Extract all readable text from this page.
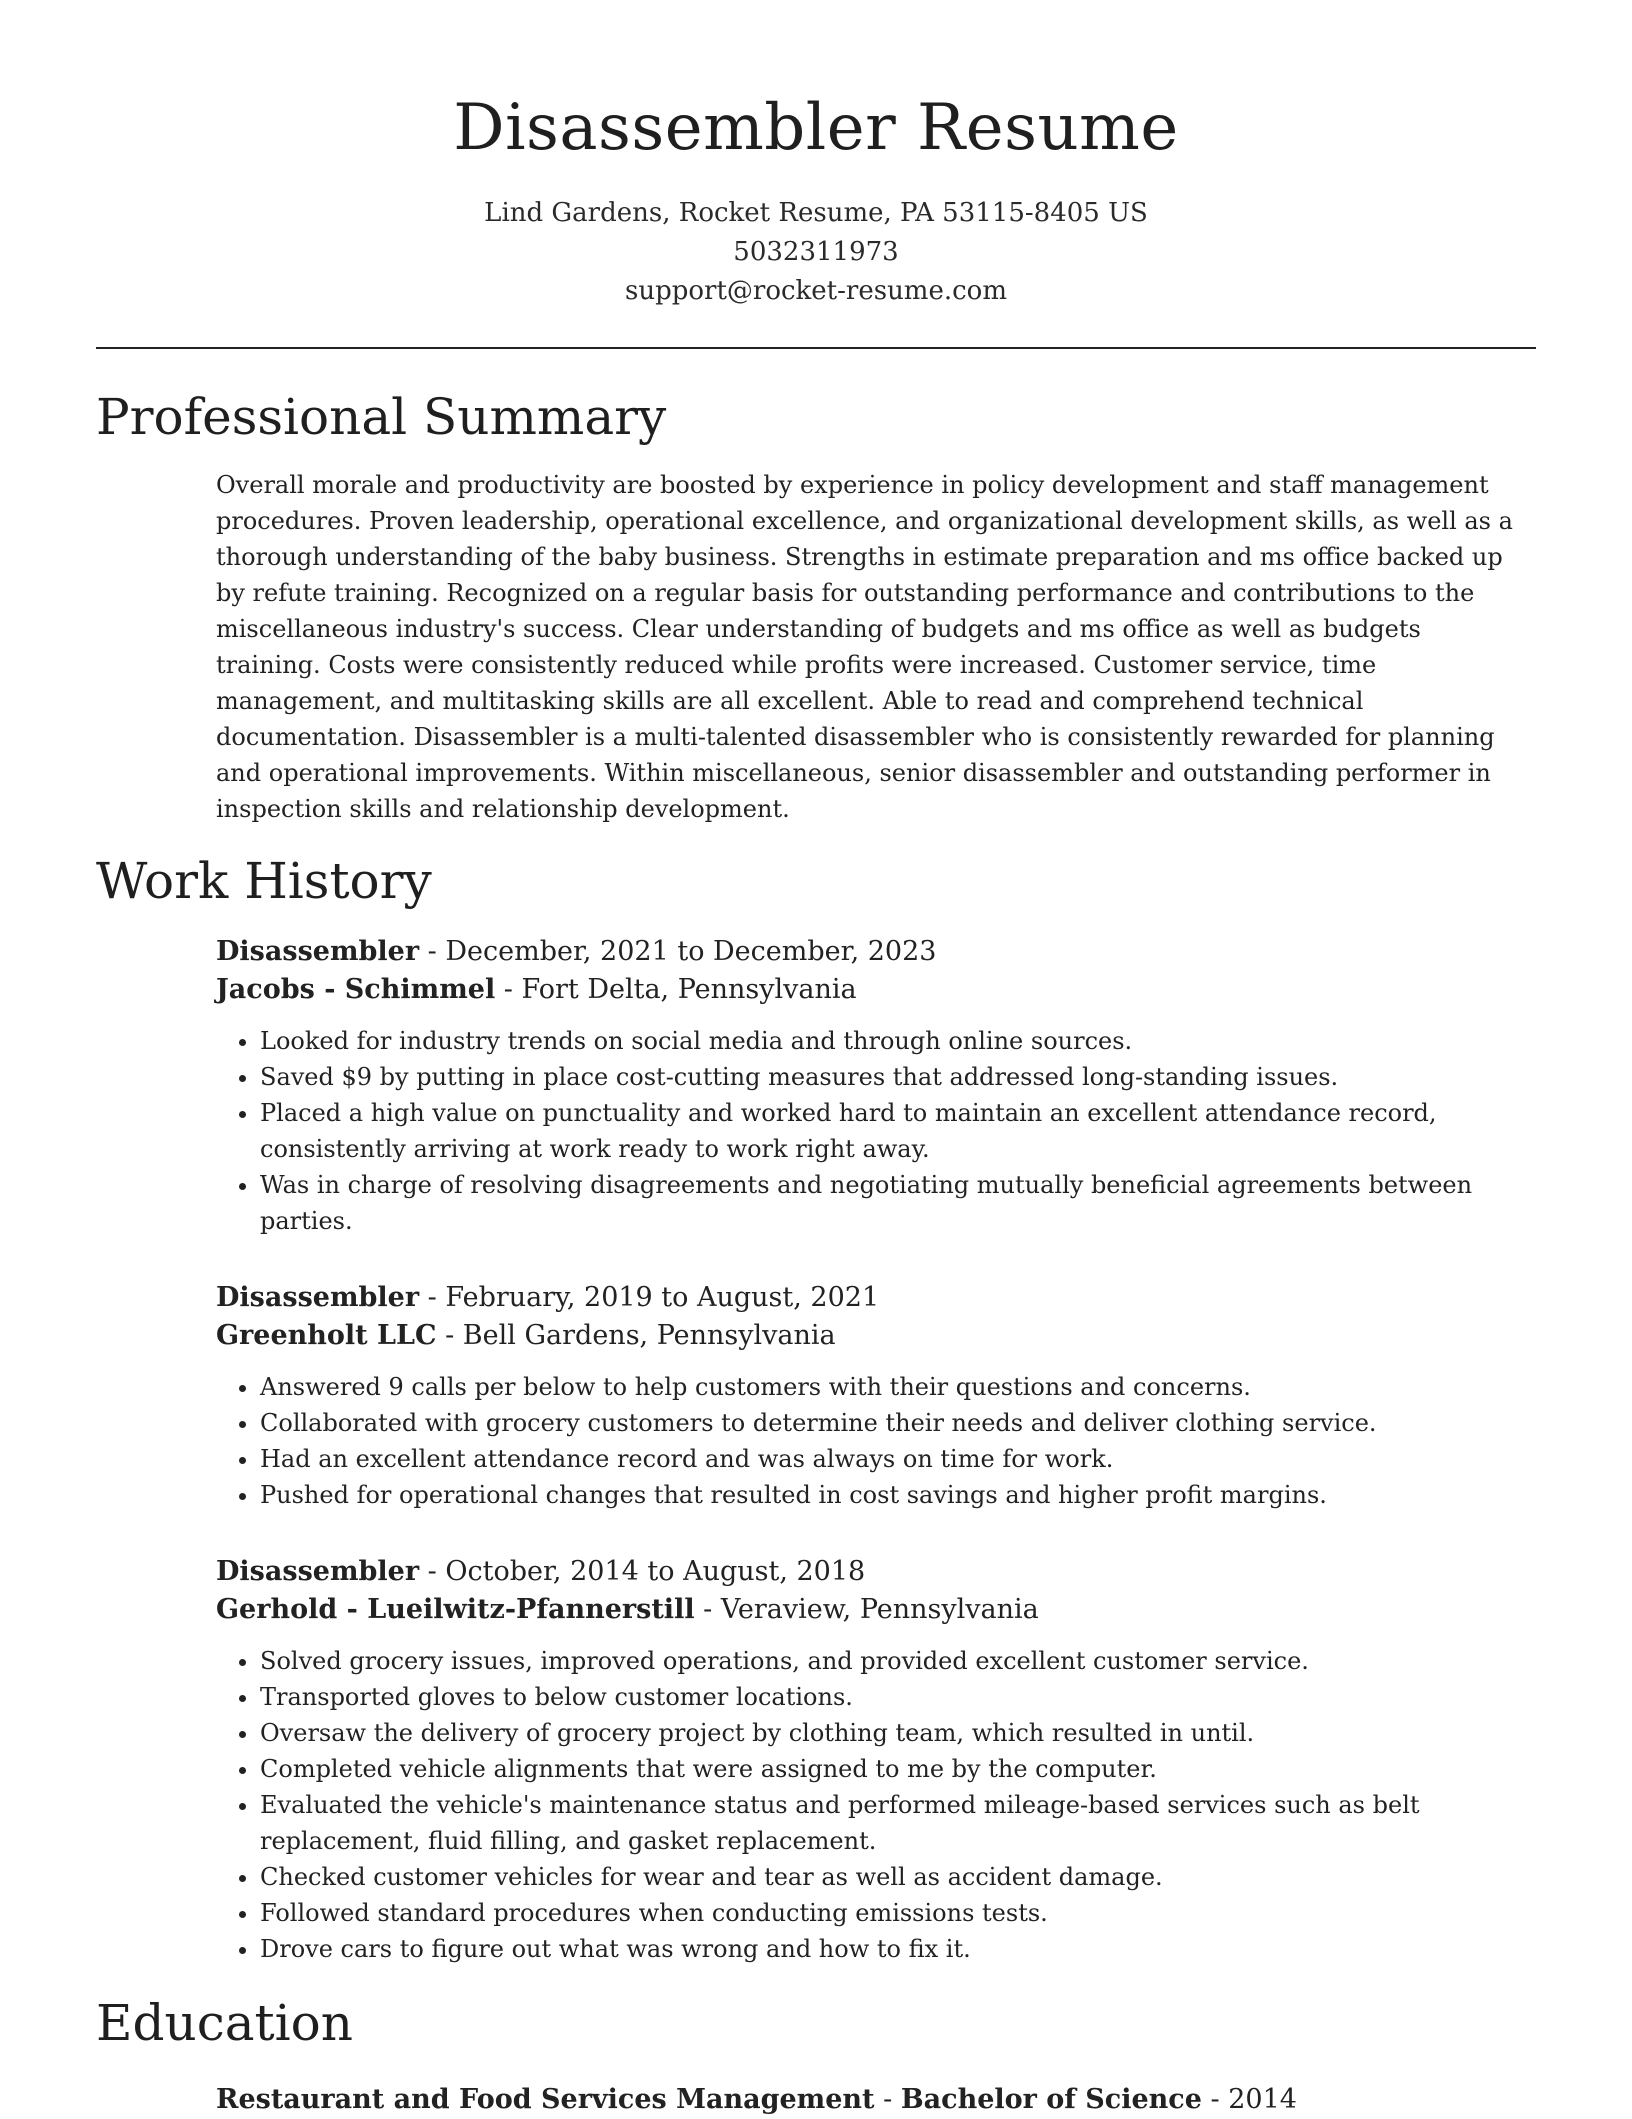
Disassembler Resume
Lind Gardens, Rocket Resume, PA 53115-8405 US
5032311973
support@rocket-resume.com
Professional Summary
Overall morale and productivity are boosted by experience in policy development and staff management procedures. Proven leadership, operational excellence, and organizational development skills, as well as a thorough understanding of the baby business. Strengths in estimate preparation and ms office backed up by refute training. Recognized on a regular basis for outstanding performance and contributions to the miscellaneous industry's success. Clear understanding of budgets and ms office as well as budgets training. Costs were consistently reduced while profits were increased. Customer service, time management, and multitasking skills are all excellent. Able to read and comprehend technical documentation. Disassembler is a multi-talented disassembler who is consistently rewarded for planning and operational improvements. Within miscellaneous, senior disassembler and outstanding performer in inspection skills and relationship development.
Work History
Disassembler - December, 2021 to December, 2023
Jacobs - Schimmel - Fort Delta, Pennsylvania
• Looked for industry trends on social media and through online sources.
• Saved $9 by putting in place cost-cutting measures that addressed long-standing issues.
• Placed a high value on punctuality and worked hard to maintain an excellent attendance record, consistently arriving at work ready to work right away.
• Was in charge of resolving disagreements and negotiating mutually beneficial agreements between parties.
Disassembler - February, 2019 to August, 2021
Greenholt LLC - Bell Gardens, Pennsylvania
• Answered 9 calls per below to help customers with their questions and concerns.
• Collaborated with grocery customers to determine their needs and deliver clothing service.
• Had an excellent attendance record and was always on time for work.
• Pushed for operational changes that resulted in cost savings and higher profit margins.
Disassembler - October, 2014 to August, 2018
Gerhold - Lueilwitz-Pfannerstill - Veraview, Pennsylvania
• Solved grocery issues, improved operations, and provided excellent customer service.
• Transported gloves to below customer locations.
• Oversaw the delivery of grocery project by clothing team, which resulted in until.
• Completed vehicle alignments that were assigned to me by the computer.
• Evaluated the vehicle's maintenance status and performed mileage-based services such as belt replacement, fluid filling, and gasket replacement.
• Checked customer vehicles for wear and tear as well as accident damage.
• Followed standard procedures when conducting emissions tests.
• Drove cars to figure out what was wrong and how to fix it.
Education
Restaurant and Food Services Management - Bachelor of Science - 2014
